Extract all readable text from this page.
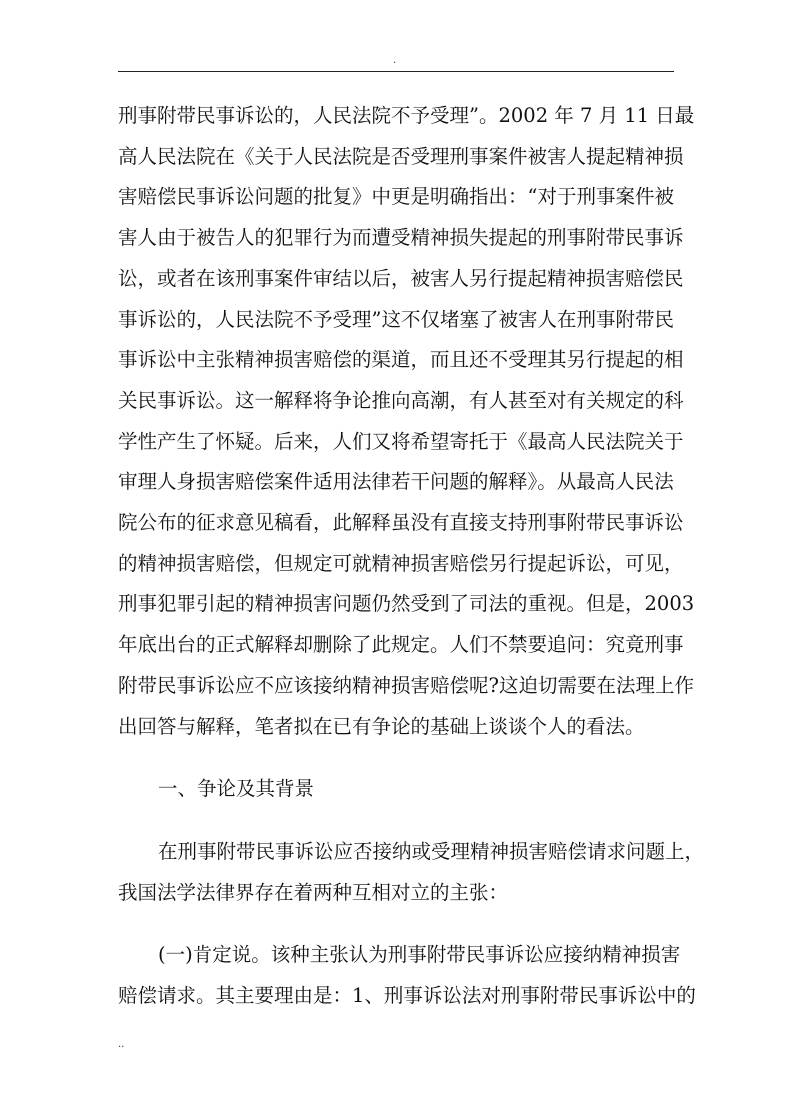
.

刑事附带民事诉讼的，人民法院不予受理”。2002 年 7 月 11 日最
高人民法院在《关于人民法院是否受理刑事案件被害人提起精神损
害赔偿民事诉讼问题的批复》中更是明确指出：“对于刑事案件被
害人由于被告人的犯罪行为而遭受精神损失提起的刑事附带民事诉
讼，或者在该刑事案件审结以后，被害人另行提起精神损害赔偿民
事诉讼的，人民法院不予受理”这不仅堵塞了被害人在刑事附带民
事诉讼中主张精神损害赔偿的渠道，而且还不受理其另行提起的相
关民事诉讼。这一解释将争论推向高潮，有人甚至对有关规定的科
学性产生了怀疑。后来，人们又将希望寄托于《最高人民法院关于
审理人身损害赔偿案件适用法律若干问题的解释》。从最高人民法
院公布的征求意见稿看，此解释虽没有直接支持刑事附带民事诉讼
的精神损害赔偿，但规定可就精神损害赔偿另行提起诉讼，可见，
刑事犯罪引起的精神损害问题仍然受到了司法的重视。但是，2003
年底出台的正式解释却删除了此规定。人们不禁要追问：究竟刑事
附带民事诉讼应不应该接纳精神损害赔偿呢?这迫切需要在法理上作
出回答与解释，笔者拟在已有争论的基础上谈谈个人的看法。

一、争论及其背景

在刑事附带民事诉讼应否接纳或受理精神损害赔偿请求问题上，
我国法学法律界存在着两种互相对立的主张：

(一)肯定说。该种主张认为刑事附带民事诉讼应接纳精神损害
赔偿请求。其主要理由是：1、刑事诉讼法对刑事附带民事诉讼中的

..
